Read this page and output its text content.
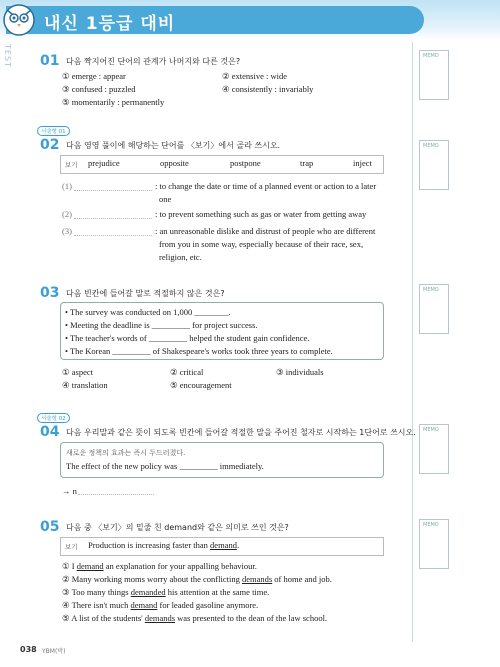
내신 1등급 대비
TEST	MEMO
MEMO
MEMO
MEMO
MEMO
01 다음 짝지어진 단어의 관계가 나머지와 다른 것은?
① emerge : appear	② extensive : wide
③ confused : puzzled	④ consistently : invariably
⑤ momentarily : permanently
서술형 01
02 다음 영영 풀이에 해당하는 단어를 〈보기〉에서 골라 쓰시오.
보기 prejudice	opposite	postpone	trap	inject
(1)	: to change the date or time of a planned event or action to a later
one
(2)	: to prevent something such as gas or water from getting away
(3)	: an unreasonable dislike and distrust of people who are different
from you in some way, especially because of their race, sex,
religion, etc.
03 다음 빈칸에 들어갈 말로 적절하지 않은 것은?
• The survey was conducted on 1,000 ________.
• Meeting the deadline is _________ for project success.
• The teacher's words of _________ helped the student gain confidence.
• The Korean _________ of Shakespeare's works took three years to complete.
① aspect	② critical	③ individuals
④ translation	⑤ encouragement
서술형 02
04 다음 우리말과 같은 뜻이 되도록 빈칸에 들어갈 적절한 말을 주어진 철자로 시작하는 1단어로 쓰시오.
새로운 정책의 효과는 즉시 두드러졌다.
The effect of the new policy was _________ immediately.
→ n
05 다음 중 〈보기〉의 밑줄 친 demand와 같은 의미로 쓰인 것은?
보기 Production is increasing faster than demand.
① I demand an explanation for your appalling behaviour.
② Many working moms worry about the conflicting demands of home and job.
③ Too many things demanded his attention at the same time.
④ There isn't much demand for leaded gasoline anymore.
⑤ A list of the students' demands was presented to the dean of the law school.
038 YBM(박)
